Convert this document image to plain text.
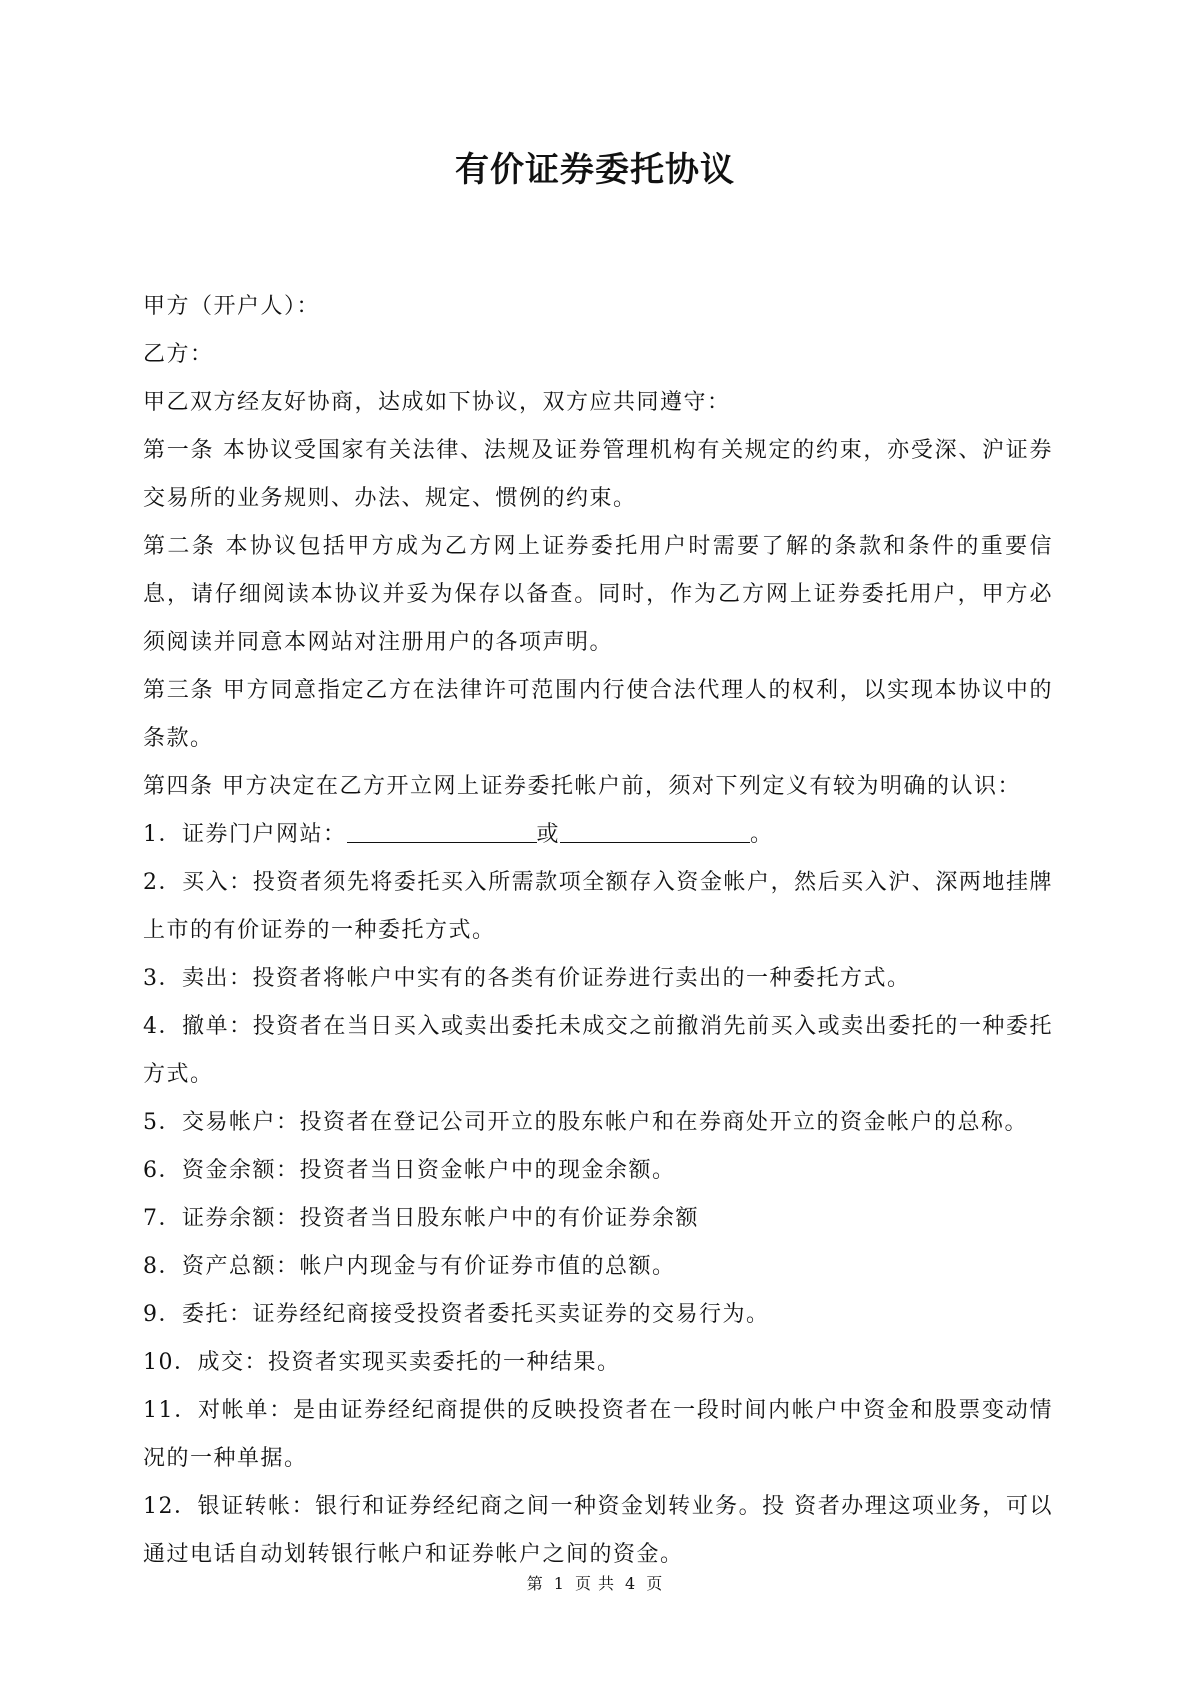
有价证券委托协议

甲方（开户人）：

乙方：

甲乙双方经友好协商，达成如下协议，双方应共同遵守：

第一条 本协议受国家有关法律、法规及证券管理机构有关规定的约束，亦受深、沪证券交易所的业务规则、办法、规定、惯例的约束。

第二条 本协议包括甲方成为乙方网上证券委托用户时需要了解的条款和条件的重要信息，请仔细阅读本协议并妥为保存以备查。同时，作为乙方网上证券委托用户，甲方必须阅读并同意本网站对注册用户的各项声明。

第三条 甲方同意指定乙方在法律许可范围内行使合法代理人的权利，以实现本协议中的条款。

第四条 甲方决定在乙方开立网上证券委托帐户前，须对下列定义有较为明确的认识：

1．证券门户网站：	或	。

2．买入：投资者须先将委托买入所需款项全额存入资金帐户，然后买入沪、深两地挂牌上市的有价证券的一种委托方式。

3．卖出：投资者将帐户中实有的各类有价证券进行卖出的一种委托方式。

4．撤单：投资者在当日买入或卖出委托未成交之前撤消先前买入或卖出委托的一种委托方式。

5．交易帐户：投资者在登记公司开立的股东帐户和在券商处开立的资金帐户的总称。

6．资金余额：投资者当日资金帐户中的现金余额。

7．证券余额：投资者当日股东帐户中的有价证券余额

8．资产总额：帐户内现金与有价证券市值的总额。

9．委托：证券经纪商接受投资者委托买卖证券的交易行为。

10．成交：投资者实现买卖委托的一种结果。

11．对帐单：是由证券经纪商提供的反映投资者在一段时间内帐户中资金和股票变动情况的一种单据。

12．银证转帐：银行和证券经纪商之间一种资金划转业务。投 资者办理这项业务，可以通过电话自动划转银行帐户和证券帐户之间的资金。

第 1 页 共 4 页
